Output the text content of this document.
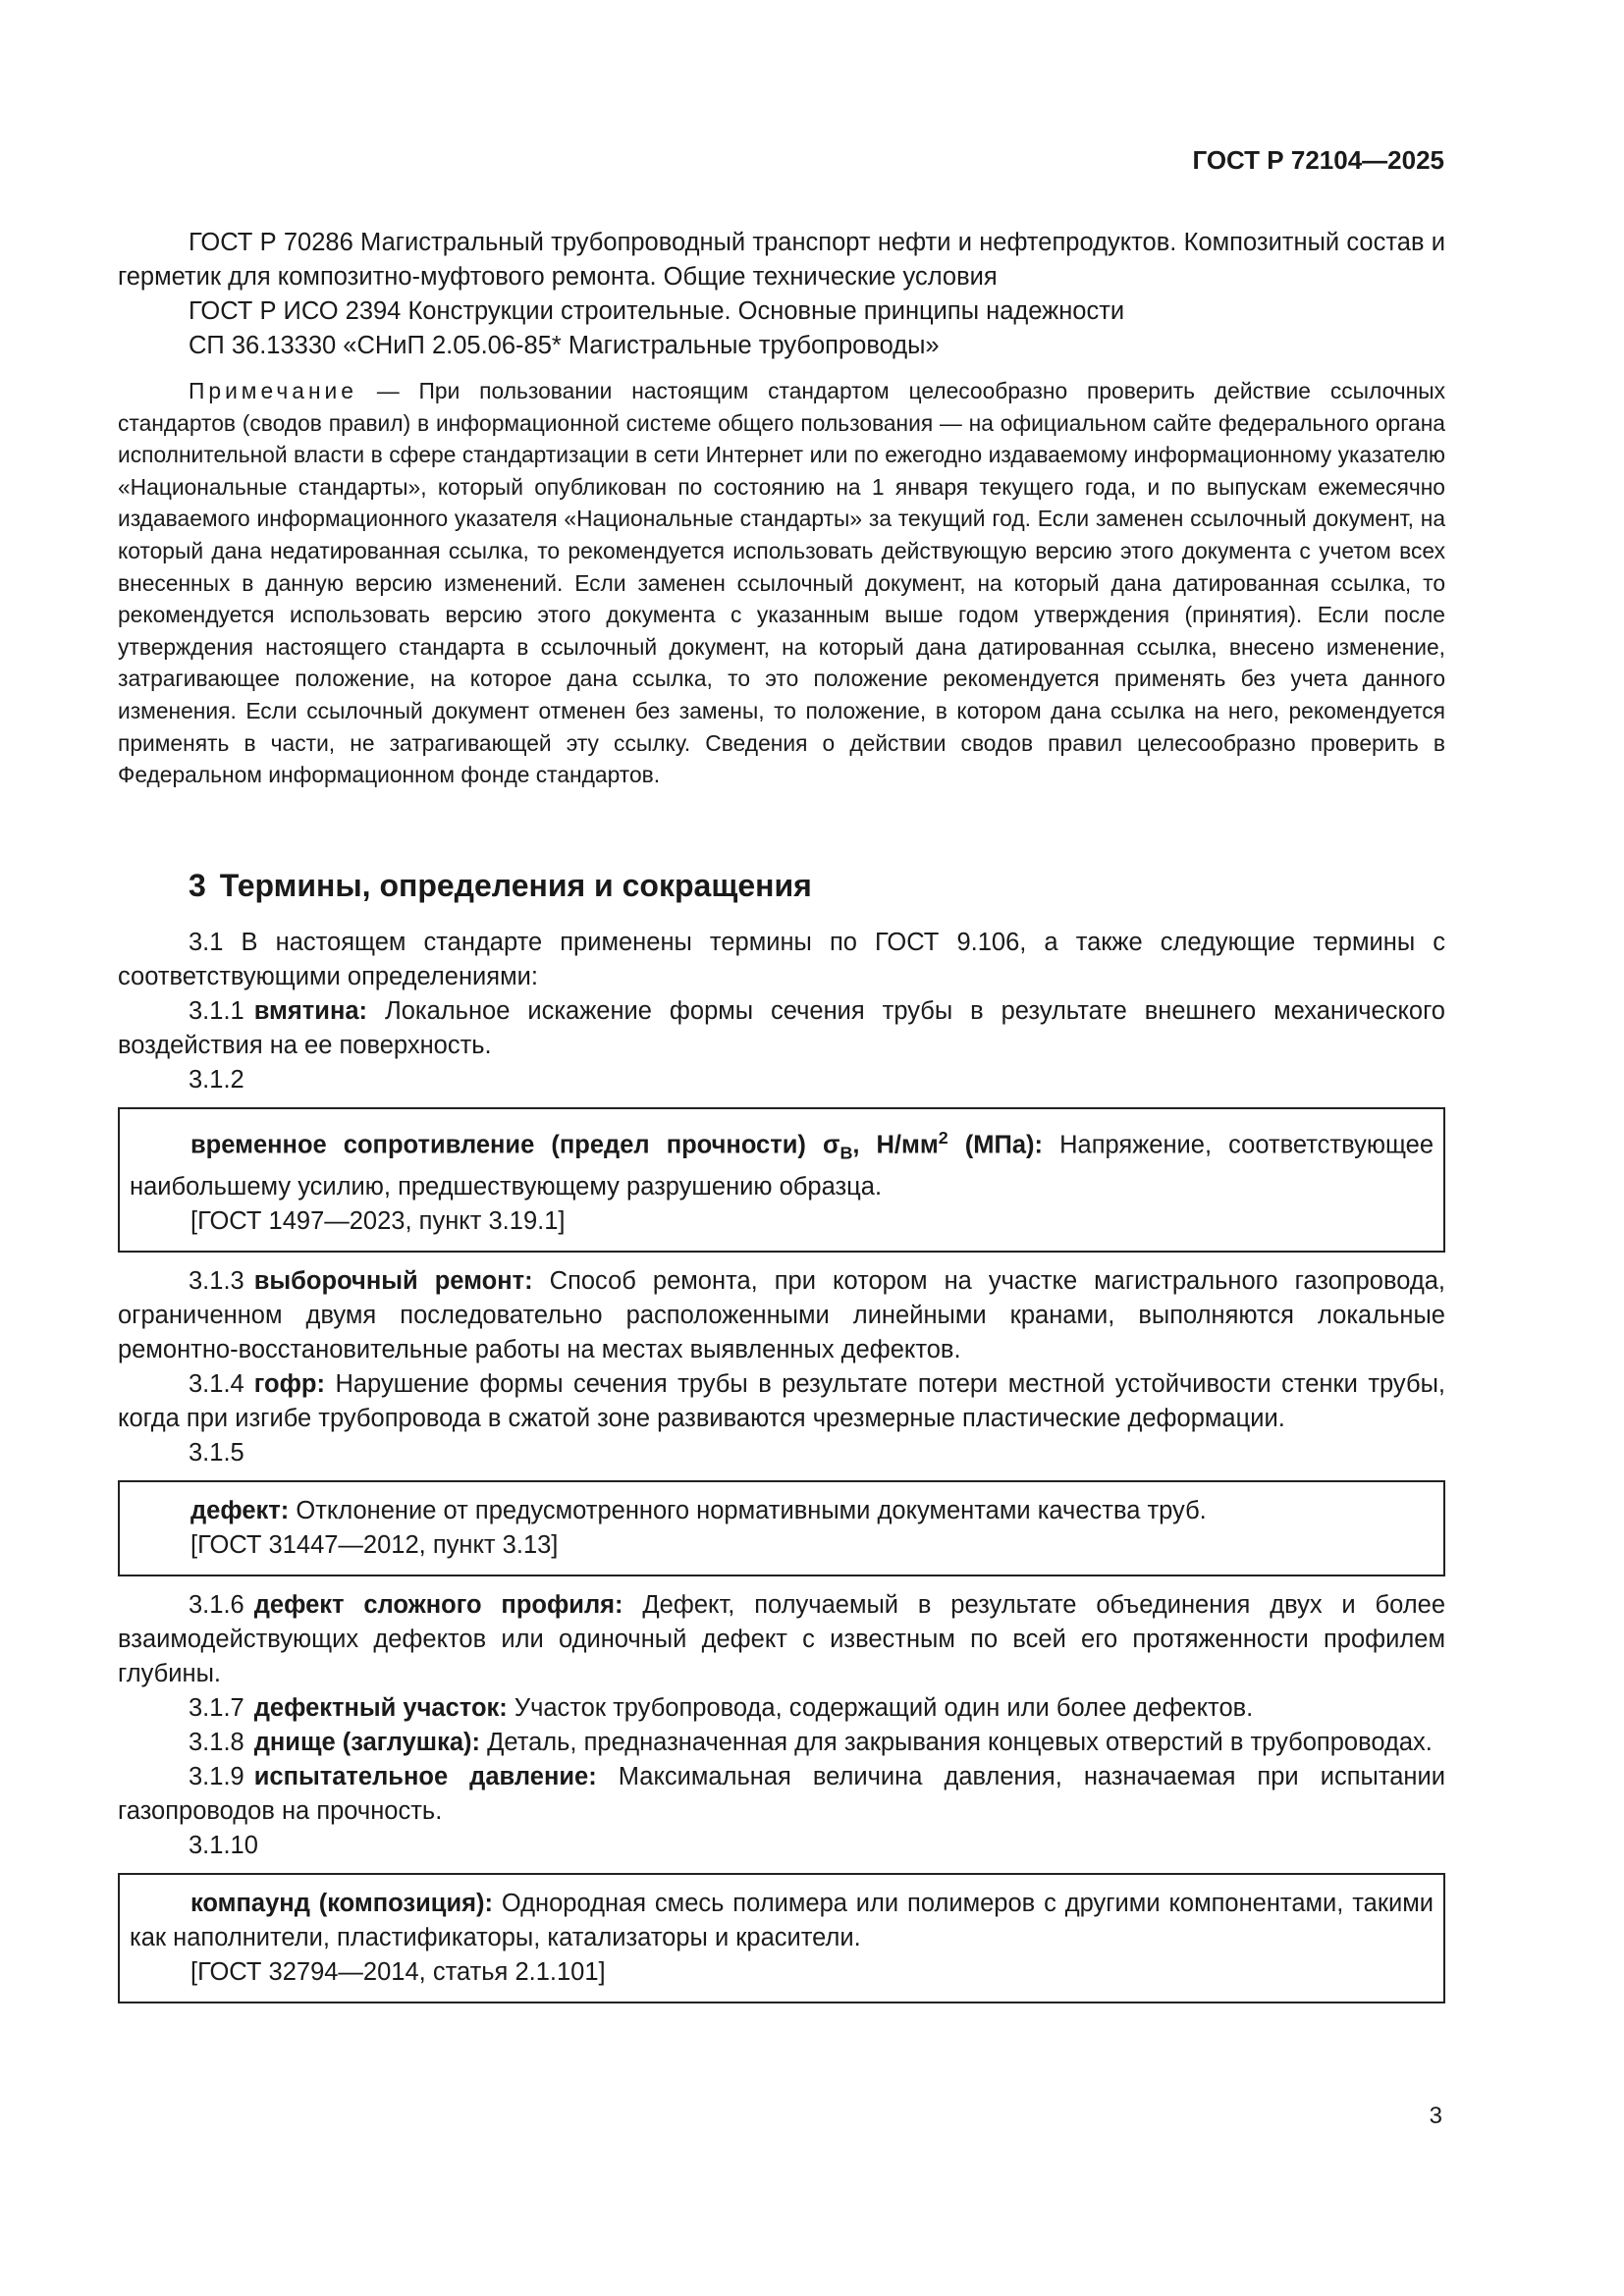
ГОСТ Р 72104—2025

ГОСТ Р 70286 Магистральный трубопроводный транспорт нефти и нефтепродуктов. Композитный состав и герметик для композитно-муфтового ремонта. Общие технические условия

ГОСТ Р ИСО 2394 Конструкции строительные. Основные принципы надежности

СП 36.13330 «СНиП 2.05.06-85* Магистральные трубопроводы»

Примечание — При пользовании настоящим стандартом целесообразно проверить действие ссылочных стандартов (сводов правил) в информационной системе общего пользования — на официальном сайте федерального органа исполнительной власти в сфере стандартизации в сети Интернет или по ежегодно издаваемому информационному указателю «Национальные стандарты», который опубликован по состоянию на 1 января текущего года, и по выпускам ежемесячно издаваемого информационного указателя «Национальные стандарты» за текущий год. Если заменен ссылочный документ, на который дана недатированная ссылка, то рекомендуется использовать действующую версию этого документа с учетом всех внесенных в данную версию изменений. Если заменен ссылочный документ, на который дана датированная ссылка, то рекомендуется использовать версию этого документа с указанным выше годом утверждения (принятия). Если после утверждения настоящего стандарта в ссылочный документ, на который дана датированная ссылка, внесено изменение, затрагивающее положение, на которое дана ссылка, то это положение рекомендуется применять без учета данного изменения. Если ссылочный документ отменен без замены, то положение, в котором дана ссылка на него, рекомендуется применять в части, не затрагивающей эту ссылку. Сведения о действии сводов правил целесообразно проверить в Федеральном информационном фонде стандартов.

3 Термины, определения и сокращения

3.1 В настоящем стандарте применены термины по ГОСТ 9.106, а также следующие термины с соответствующими определениями:

3.1.1 вмятина: Локальное искажение формы сечения трубы в результате внешнего механического воздействия на ее поверхность.

3.1.2

временное сопротивление (предел прочности) $\sigma_В$, $Н/мм^2$ (МПа): Напряжение, соответствующее наибольшему усилию, предшествующему разрушению образца.

[ГОСТ 1497—2023, пункт 3.19.1]

3.1.3 выборочный ремонт: Способ ремонта, при котором на участке магистрального газопровода, ограниченном двумя последовательно расположенными линейными кранами, выполняются локальные ремонтно-восстановительные работы на местах выявленных дефектов.

3.1.4 гофр: Нарушение формы сечения трубы в результате потери местной устойчивости стенки трубы, когда при изгибе трубопровода в сжатой зоне развиваются чрезмерные пластические деформации.

3.1.5

дефект: Отклонение от предусмотренного нормативными документами качества труб.

[ГОСТ 31447—2012, пункт 3.13]

3.1.6 дефект сложного профиля: Дефект, получаемый в результате объединения двух и более взаимодействующих дефектов или одиночный дефект с известным по всей его протяженности профилем глубины.

3.1.7 дефектный участок: Участок трубопровода, содержащий один или более дефектов.

3.1.8 днище (заглушка): Деталь, предназначенная для закрывания концевых отверстий в трубопроводах.

3.1.9 испытательное давление: Максимальная величина давления, назначаемая при испытании газопроводов на прочность.

3.1.10

компаунд (композиция): Однородная смесь полимера или полимеров с другими компонентами, такими как наполнители, пластификаторы, катализаторы и красители.

[ГОСТ 32794—2014, статья 2.1.101]

3
